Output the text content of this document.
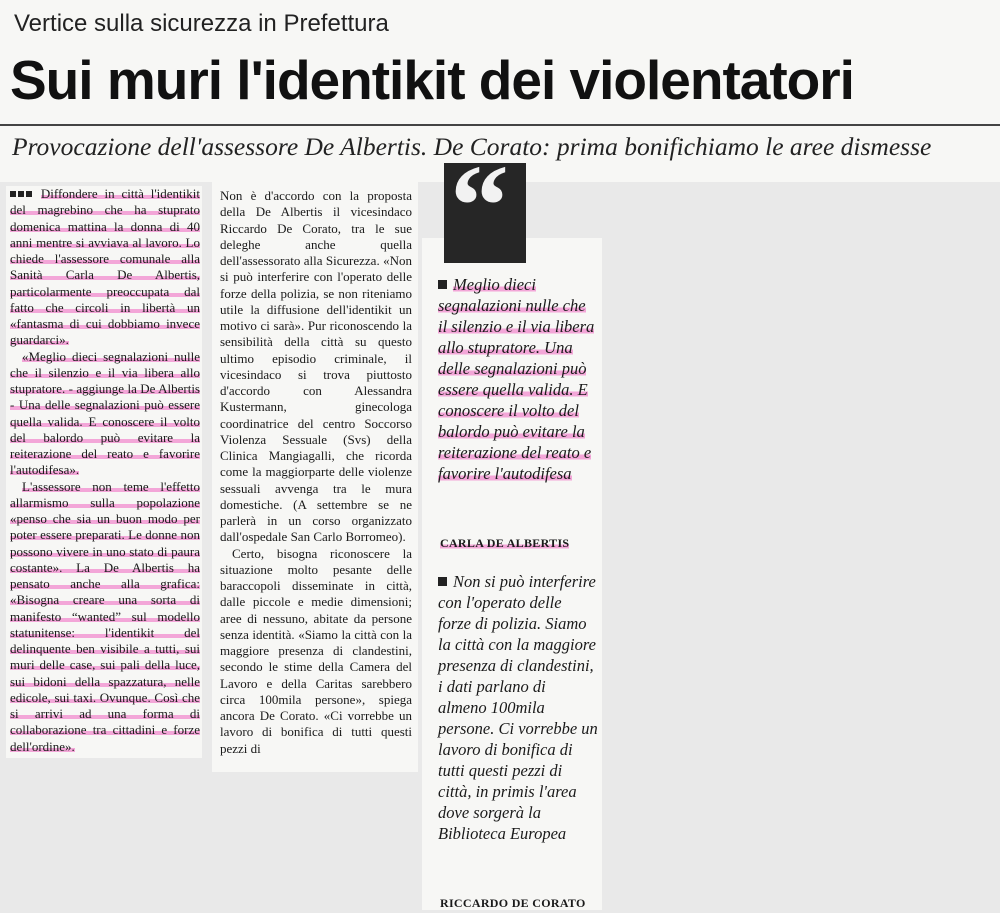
Vertice sulla sicurezza in Prefettura
Sui muri l'identikit dei violentatori
Provocazione dell'assessore De Albertis. De Corato: prima bonifichiamo le aree dismesse

Diffondere in città l'identikit del magrebino che ha stuprato domenica mattina la donna di 40 anni mentre si avviava al lavoro. Lo chiede l'assessore comunale alla Sanità Carla De Albertis, particolarmente preoccupata dal fatto che circoli in libertà un «fantasma di cui dobbiamo invece guardarci».

«Meglio dieci segnalazioni nulle che il silenzio e il via libera allo stupratore. - aggiunge la De Albertis - Una delle segnalazioni può essere quella valida. E conoscere il volto del balordo può evitare la reiterazione del reato e favorire l'autodifesa».

L'assessore non teme l'effetto allarmismo sulla popolazione «penso che sia un buon modo per poter essere preparati. Le donne non possono vivere in uno stato di paura costante». La De Albertis ha pensato anche alla grafica: «Bisogna creare una sorta di manifesto “wanted” sul modello statunitense: l'identikit del delinquente ben visibile a tutti, sui muri delle case, sui pali della luce, sui bidoni della spazzatura, nelle edicole, sui taxi. Ovunque. Così che si arrivi ad una forma di collaborazione tra cittadini e forze dell'ordine».

Non è d'accordo con la proposta della De Albertis il vicesindaco Riccardo De Corato, tra le sue deleghe anche quella dell'assessorato alla Sicurezza. «Non si può interferire con l'operato delle forze della polizia, se non riteniamo utile la diffusione dell'identikit un motivo ci sarà». Pur riconoscendo la sensibilità della città su questo ultimo episodio criminale, il vicesindaco si trova piuttosto d'accordo con Alessandra Kustermann, ginecologa coordinatrice del centro Soccorso Violenza Sessuale (Svs) della Clinica Mangiagalli, che ricorda come la maggiorparte delle violenze sessuali avvenga tra le mura domestiche. (A settembre se ne parlerà in un corso organizzato dall'ospedale San Carlo Borromeo).

Certo, bisogna riconoscere la situazione molto pesante delle baraccopoli disseminate in città, dalle piccole e medie dimensioni; aree di nessuno, abitate da persone senza identità. «Siamo la città con la maggiore presenza di clandestini, secondo le stime della Camera del Lavoro e della Caritas sarebbero circa 100mila persone», spiega ancora De Corato. «Ci vorrebbe un lavoro di bonifica di tutti questi pezzi di

Meglio dieci segnalazioni nulle che il silenzio e il via libera allo stupratore. Una delle segnalazioni può essere quella valida. E conoscere il volto del balordo può evitare la reiterazione del reato e favorire l'autodifesa
CARLA DE ALBERTIS
Non si può interferire con l'operato delle forze di polizia. Siamo la città con la maggiore presenza di clandestini, i dati parlano di almeno 100mila persone. Ci vorrebbe un lavoro di bonifica di tutti questi pezzi di città, in primis l'area dove sorgerà la Biblioteca Europea
RICCARDO DE CORATO
“
